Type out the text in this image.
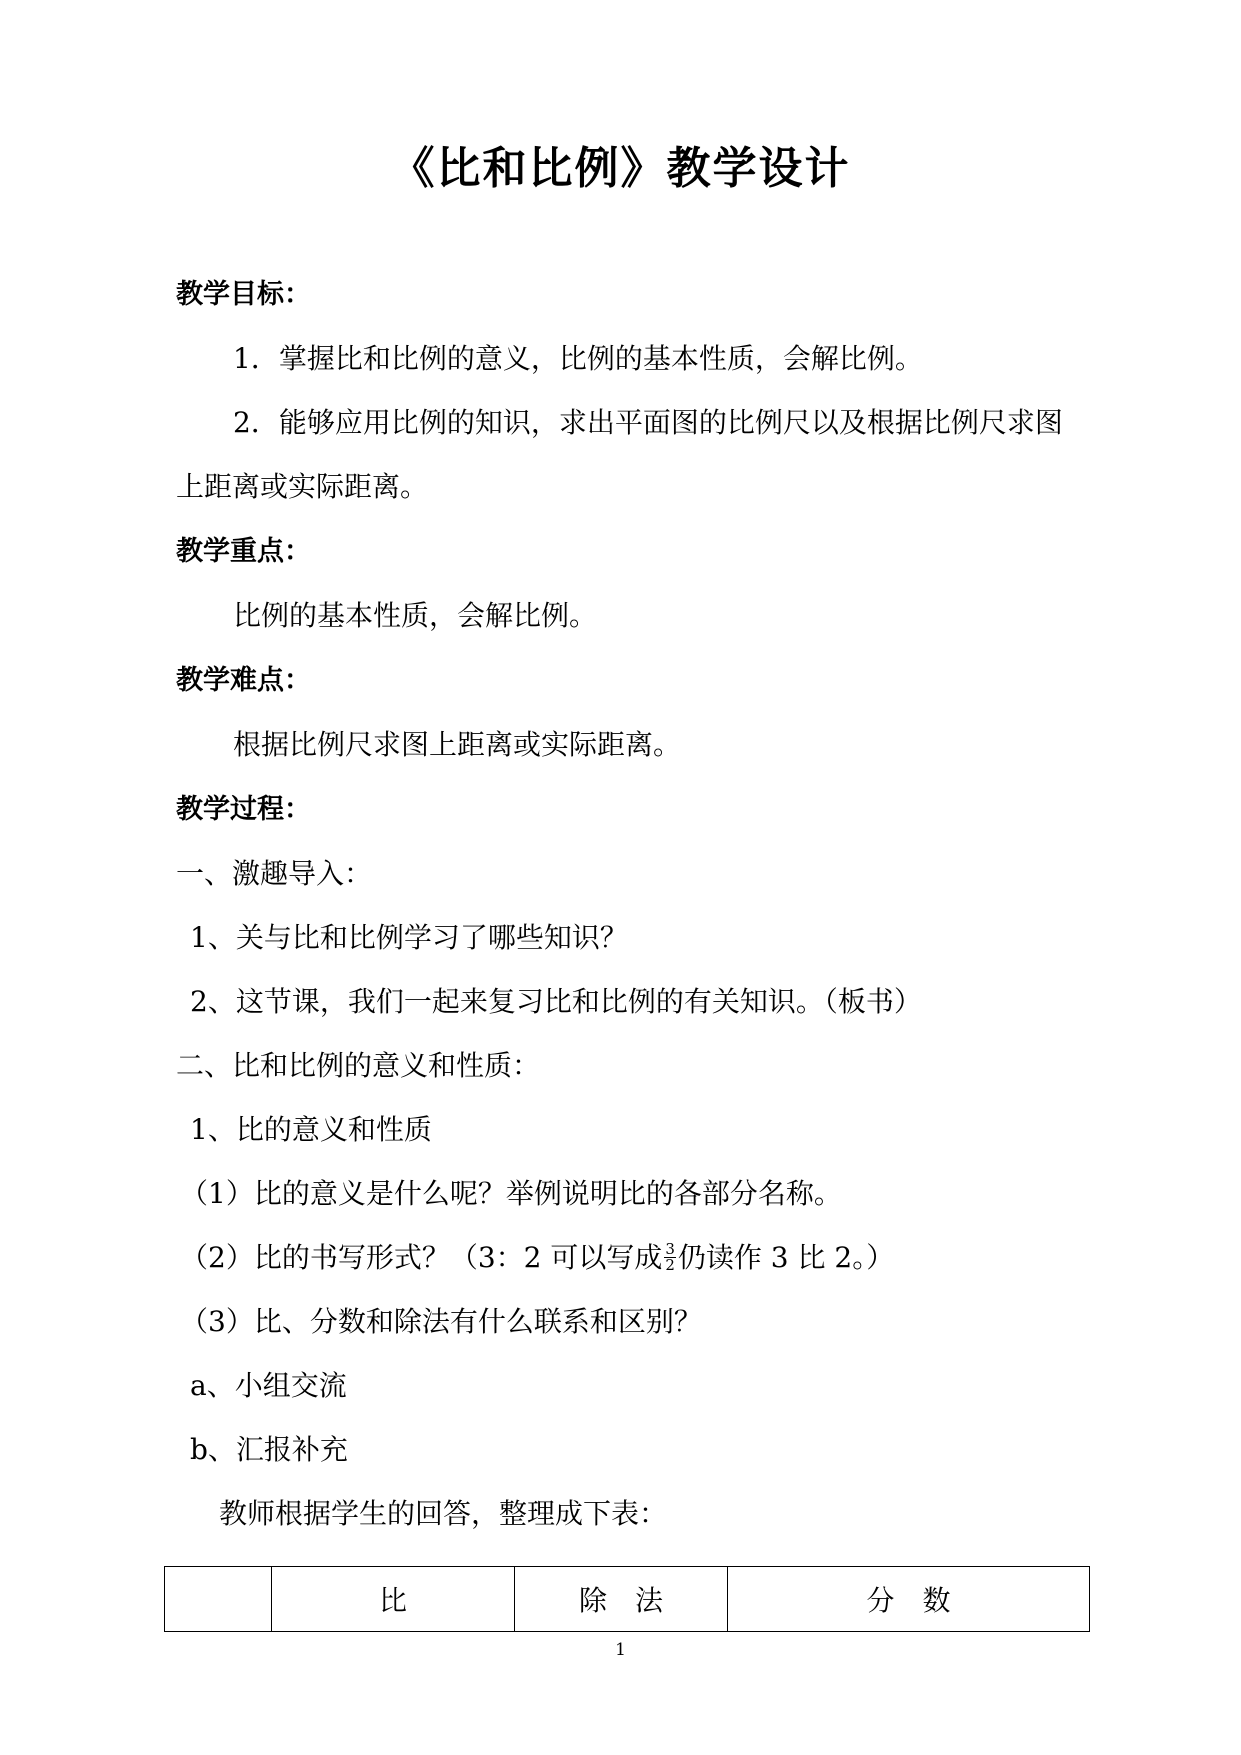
《比和比例》教学设计
教学目标：
1．掌握比和比例的意义，比例的基本性质，会解比例。
2．能够应用比例的知识，求出平面图的比例尺以及根据比例尺求图
上距离或实际距离。
教学重点：
比例的基本性质，会解比例。
教学难点：
根据比例尺求图上距离或实际距离。
教学过程：
一、激趣导入：
1、关与比和比例学习了哪些知识？
2、这节课，我们一起来复习比和比例的有关知识。（板书）
二、比和比例的意义和性质：
1、比的意义和性质
（1）比的意义是什么呢？举例说明比的各部分名称。
（2）比的书写形式？（3：2 可以写成 $\frac{3}{2}$ 仍读作 3 比 2。）
（3）比、分数和除法有什么联系和区别？
a、小组交流
b、汇报补充
教师根据学生的回答，整理成下表：
	比	除　法	分　数
1
